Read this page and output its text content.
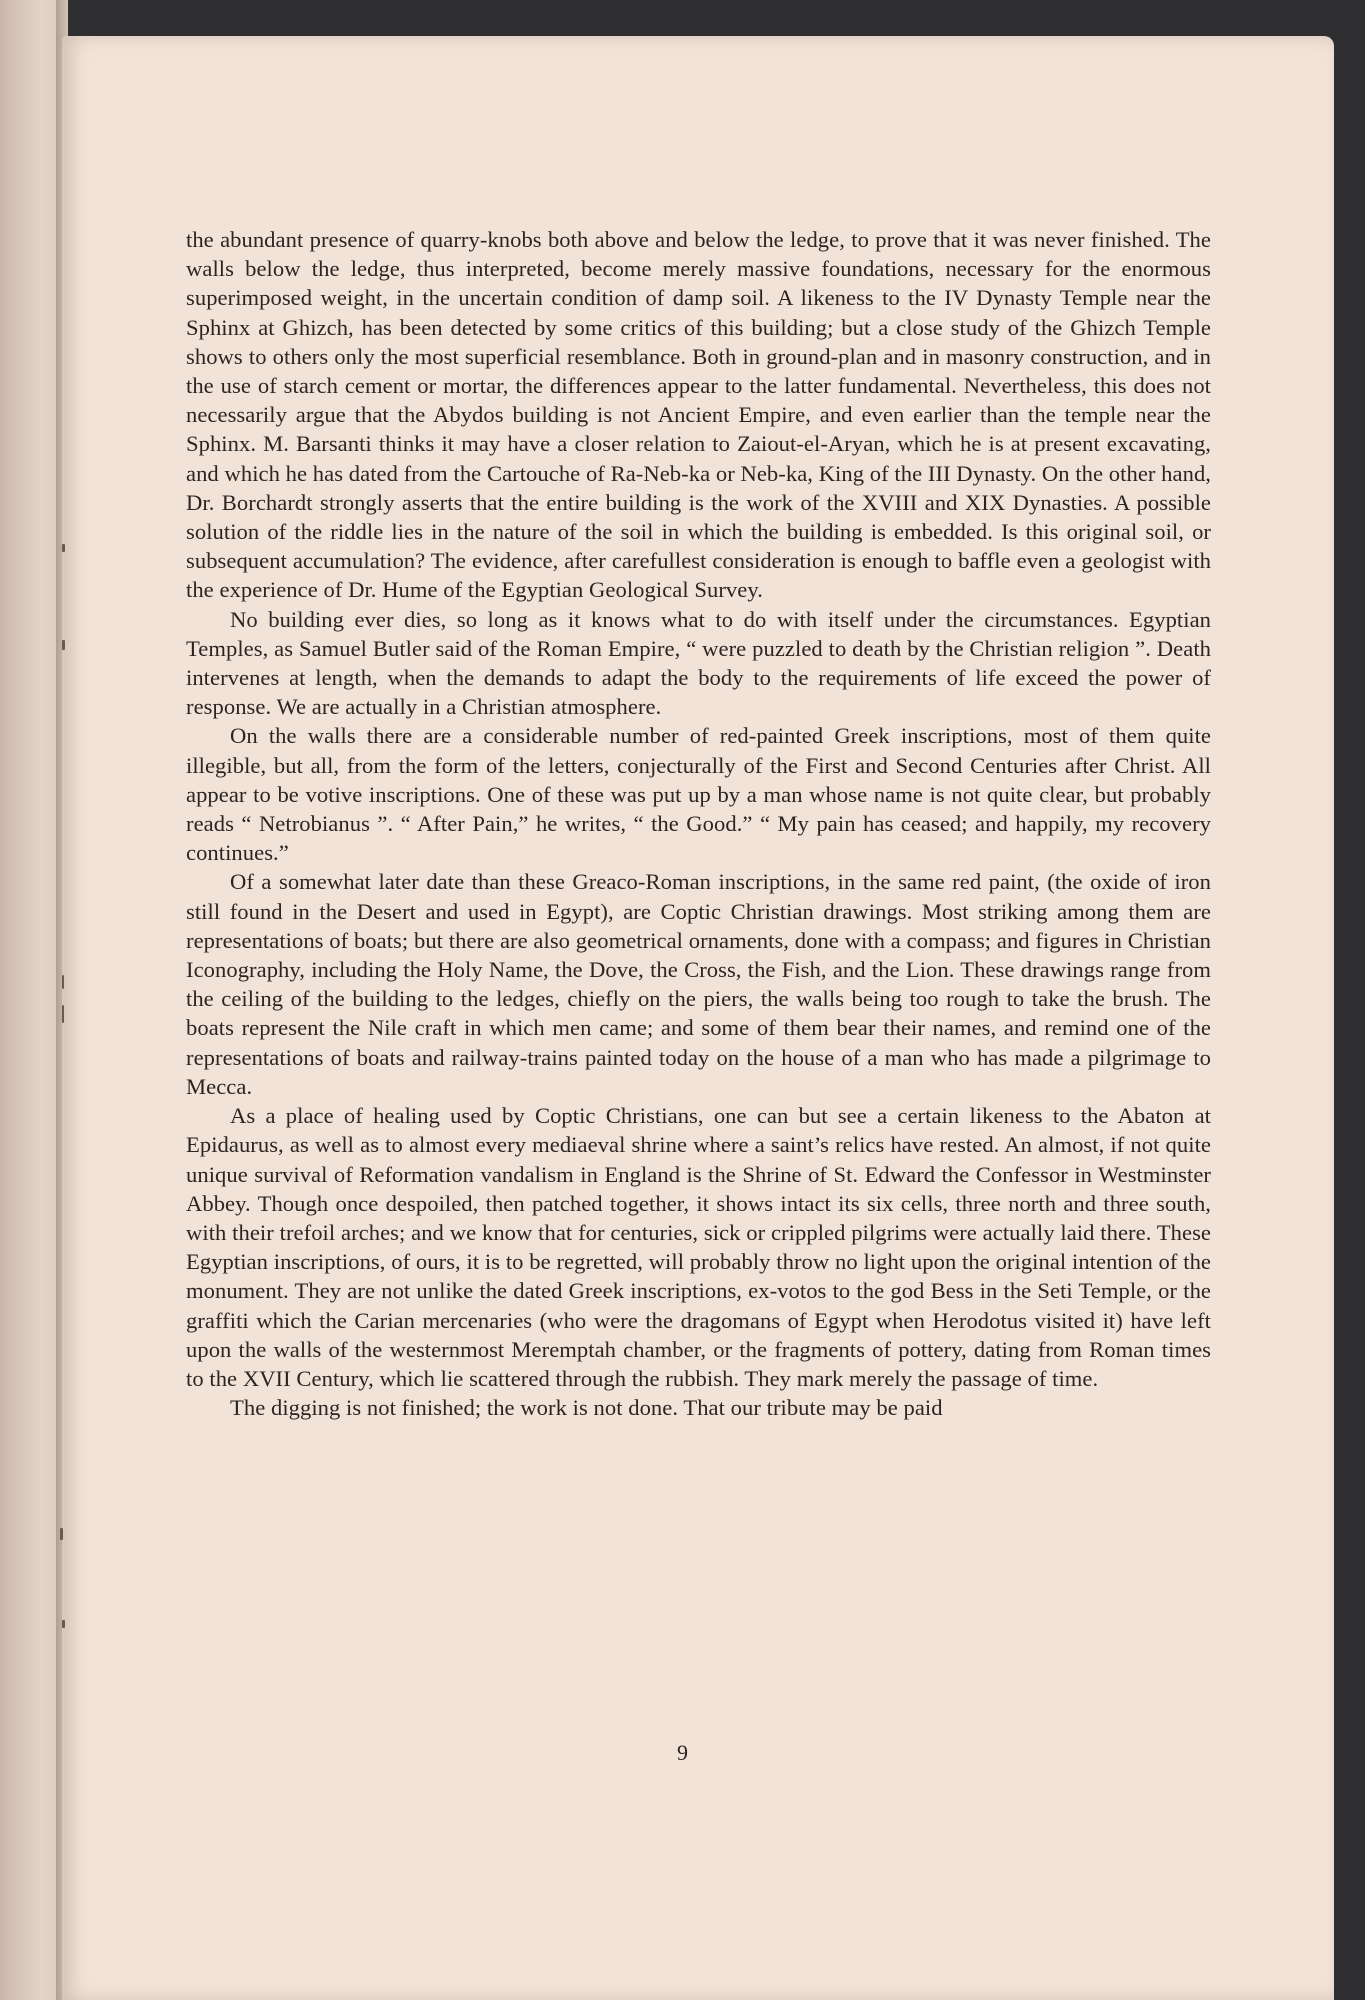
the abundant presence of quarry-knobs both above and below the ledge, to prove that it was never finished. The walls below the ledge, thus interpreted, become merely massive foundations, necessary for the enormous superimposed weight, in the uncertain condition of damp soil. A likeness to the IV Dynasty Temple near the Sphinx at Ghizch, has been detected by some critics of this building; but a close study of the Ghizch Temple shows to others only the most superficial resemblance. Both in ground-plan and in masonry construction, and in the use of starch cement or mortar, the differences appear to the latter fundamental. Nevertheless, this does not necessarily argue that the Abydos building is not Ancient Empire, and even earlier than the temple near the Sphinx. M. Barsanti thinks it may have a closer relation to Zaiout-el-Aryan, which he is at present excavating, and which he has dated from the Cartouche of Ra-Neb-ka or Neb-ka, King of the III Dynasty. On the other hand, Dr. Borchardt strongly asserts that the entire building is the work of the XVIII and XIX Dynasties. A possible solution of the riddle lies in the nature of the soil in which the building is embedded. Is this original soil, or subsequent accumulation? The evidence, after carefullest consideration is enough to baffle even a geologist with the experience of Dr. Hume of the Egyptian Geological Survey.

No building ever dies, so long as it knows what to do with itself under the circumstances. Egyptian Temples, as Samuel Butler said of the Roman Empire, “ were puzzled to death by the Christian religion ”. Death intervenes at length, when the demands to adapt the body to the requirements of life exceed the power of response. We are actually in a Christian atmosphere.

On the walls there are a considerable number of red-painted Greek inscriptions, most of them quite illegible, but all, from the form of the letters, conjecturally of the First and Second Centuries after Christ. All appear to be votive inscriptions. One of these was put up by a man whose name is not quite clear, but probably reads “ Netrobianus ”. “ After Pain,” he writes, “ the Good.” “ My pain has ceased; and happily, my recovery continues.”

Of a somewhat later date than these Greaco-Roman inscriptions, in the same red paint, (the oxide of iron still found in the Desert and used in Egypt), are Coptic Christian drawings. Most striking among them are representations of boats; but there are also geometrical ornaments, done with a compass; and figures in Christian Iconography, including the Holy Name, the Dove, the Cross, the Fish, and the Lion. These drawings range from the ceiling of the building to the ledges, chiefly on the piers, the walls being too rough to take the brush. The boats represent the Nile craft in which men came; and some of them bear their names, and remind one of the representations of boats and railway-trains painted today on the house of a man who has made a pilgrimage to Mecca.

As a place of healing used by Coptic Christians, one can but see a certain likeness to the Abaton at Epidaurus, as well as to almost every mediaeval shrine where a saint’s relics have rested. An almost, if not quite unique survival of Reformation vandalism in England is the Shrine of St. Edward the Confessor in Westminster Abbey. Though once despoiled, then patched together, it shows intact its six cells, three north and three south, with their trefoil arches; and we know that for centuries, sick or crippled pilgrims were actually laid there. These Egyptian inscriptions, of ours, it is to be regretted, will probably throw no light upon the original intention of the monument. They are not unlike the dated Greek inscriptions, ex-votos to the god Bess in the Seti Temple, or the graffiti which the Carian mercenaries (who were the dragomans of Egypt when Herodotus visited it) have left upon the walls of the westernmost Meremptah chamber, or the fragments of pottery, dating from Roman times to the XVII Century, which lie scattered through the rubbish. They mark merely the passage of time.

The digging is not finished; the work is not done. That our tribute may be paid

9
